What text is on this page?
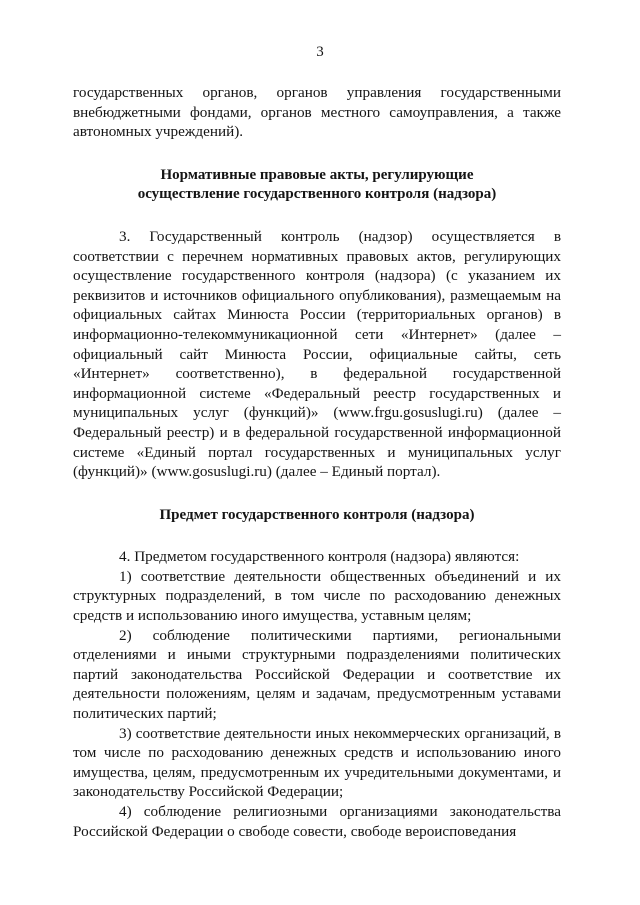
3

государственных органов, органов управления государственными внебюджетными фондами, органов местного самоуправления, а также автономных учреждений).

Нормативные правовые акты, регулирующие
осуществление государственного контроля (надзора)

3. Государственный контроль (надзор) осуществляется в соответствии с перечнем нормативных правовых актов, регулирующих осуществление государственного контроля (надзора) (с указанием их реквизитов и источников официального опубликования), размещаемым на официальных сайтах Минюста России (территориальных органов) в информационно-телекоммуникационной сети «Интернет» (далее – официальный сайт Минюста России, официальные сайты, сеть «Интернет» соответственно), в федеральной государственной информационной системе «Федеральный реестр государственных и муниципальных услуг (функций)» (www.frgu.gosuslugi.ru) (далее – Федеральный реестр) и в федеральной государственной информационной системе «Единый портал государственных и муниципальных услуг (функций)» (www.gosuslugi.ru) (далее – Единый портал).

Предмет государственного контроля (надзора)

4. Предметом государственного контроля (надзора) являются:

1) соответствие деятельности общественных объединений и их структурных подразделений, в том числе по расходованию денежных средств и использованию иного имущества, уставным целям;

2) соблюдение политическими партиями, региональными отделениями и иными структурными подразделениями политических партий законодательства Российской Федерации и соответствие их деятельности положениям, целям и задачам, предусмотренным уставами политических партий;

3) соответствие деятельности иных некоммерческих организаций, в том числе по расходованию денежных средств и использованию иного имущества, целям, предусмотренным их учредительными документами, и законодательству Российской Федерации;

4) соблюдение религиозными организациями законодательства Российской Федерации о свободе совести, свободе вероисповедания
